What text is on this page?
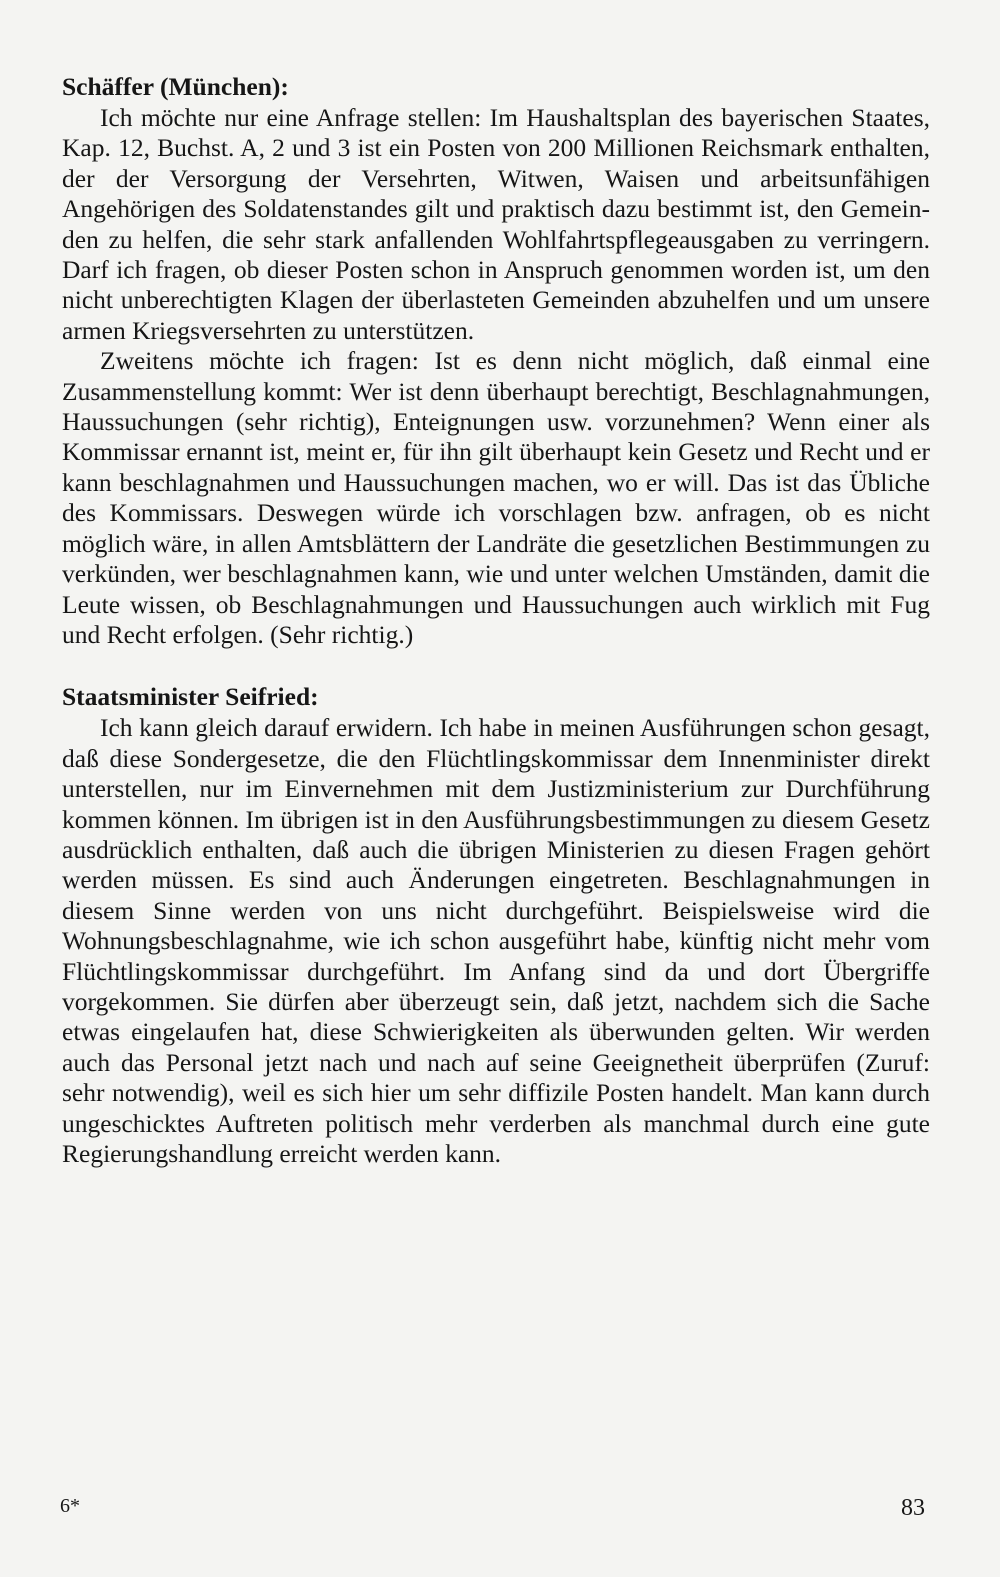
Schäffer (München):

Ich möchte nur eine Anfrage stellen: Im Haushaltsplan des bayerischen Staates, Kap. 12, Buchst. A, 2 und 3 ist ein Posten von 200 Millionen Reichsmark enthalten, der der Versorgung der Versehrten, Witwen, Waisen und arbeitsunfähigen Angehörigen des Soldatenstandes gilt und praktisch dazu bestimmt ist, den Gemeinden zu helfen, die sehr stark anfallenden Wohlfahrtspflegeausgaben zu verringern. Darf ich fragen, ob dieser Posten schon in Anspruch genommen worden ist, um den nicht unberechtigten Klagen der überlasteten Gemeinden abzuhelfen und um unsere armen Kriegsversehrten zu unterstützen.

Zweitens möchte ich fragen: Ist es denn nicht möglich, daß einmal eine Zusammenstellung kommt: Wer ist denn überhaupt berechtigt, Beschlagnahmungen, Haussuchungen (sehr richtig), Enteignungen usw. vorzunehmen? Wenn einer als Kommissar ernannt ist, meint er, für ihn gilt überhaupt kein Gesetz und Recht und er kann beschlagnahmen und Haussuchungen machen, wo er will. Das ist das Übliche des Kommissars. Deswegen würde ich vorschlagen bzw. anfragen, ob es nicht möglich wäre, in allen Amtsblättern der Landräte die gesetzlichen Bestimmungen zu verkünden, wer beschlagnahmen kann, wie und unter welchen Umständen, damit die Leute wissen, ob Beschlagnahmungen und Haussuchungen auch wirklich mit Fug und Recht erfolgen. (Sehr richtig.)

Staatsminister Seifried:

Ich kann gleich darauf erwidern. Ich habe in meinen Ausführungen schon gesagt, daß diese Sondergesetze, die den Flüchtlingskommissar dem Innenminister direkt unterstellen, nur im Einvernehmen mit dem Justizministerium zur Durchführung kommen können. Im übrigen ist in den Ausführungsbestimmungen zu diesem Gesetz ausdrücklich enthalten, daß auch die übrigen Ministerien zu diesen Fragen gehört werden müssen. Es sind auch Änderungen eingetreten. Beschlagnahmungen in diesem Sinne werden von uns nicht durchgeführt. Beispielsweise wird die Wohnungsbeschlagnahme, wie ich schon ausgeführt habe, künftig nicht mehr vom Flüchtlingskommissar durchgeführt. Im Anfang sind da und dort Übergriffe vorgekommen. Sie dürfen aber überzeugt sein, daß jetzt, nachdem sich die Sache etwas eingelaufen hat, diese Schwierigkeiten als überwunden gelten. Wir werden auch das Personal jetzt nach und nach auf seine Geeignetheit überprüfen (Zuruf: sehr notwendig), weil es sich hier um sehr diffizile Posten handelt. Man kann durch ungeschicktes Auftreten politisch mehr verderben als manchmal durch eine gute Regierungshandlung erreicht werden kann.

6*	83
